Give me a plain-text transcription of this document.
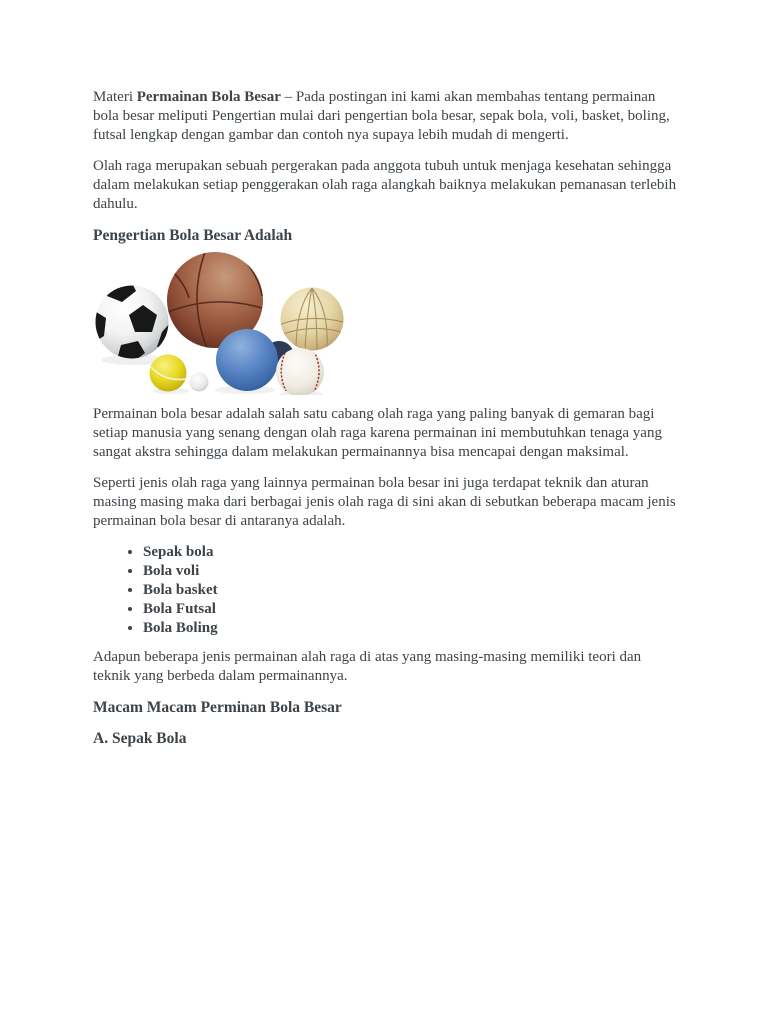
Materi Permainan Bola Besar – Pada postingan ini kami akan membahas tentang permainan bola besar meliputi Pengertian mulai dari pengertian bola besar, sepak bola, voli, basket, boling, futsal lengkap dengan gambar dan contoh nya supaya lebih mudah di mengerti.

Olah raga merupakan sebuah pergerakan pada anggota tubuh untuk menjaga kesehatan sehingga dalam melakukan setiap penggerakan olah raga alangkah baiknya melakukan pemanasan terlebih dahulu.

Pengertian Bola Besar Adalah

Permainan bola besar adalah salah satu cabang olah raga yang paling banyak di gemaran bagi setiap manusia yang senang dengan olah raga karena permainan ini membutuhkan tenaga yang sangat akstra sehingga dalam melakukan permainannya bisa mencapai dengan maksimal.

Seperti jenis olah raga yang lainnya permainan bola besar ini juga terdapat teknik dan aturan masing masing maka dari berbagai jenis olah raga di sini akan di sebutkan beberapa macam jenis permainan bola besar di antaranya adalah.

• Sepak bola
• Bola voli
• Bola basket
• Bola Futsal
• Bola Boling

Adapun beberapa jenis permainan alah raga di atas yang masing-masing memiliki teori dan teknik yang berbeda dalam permainannya.

Macam Macam Perminan Bola Besar
A. Sepak Bola
